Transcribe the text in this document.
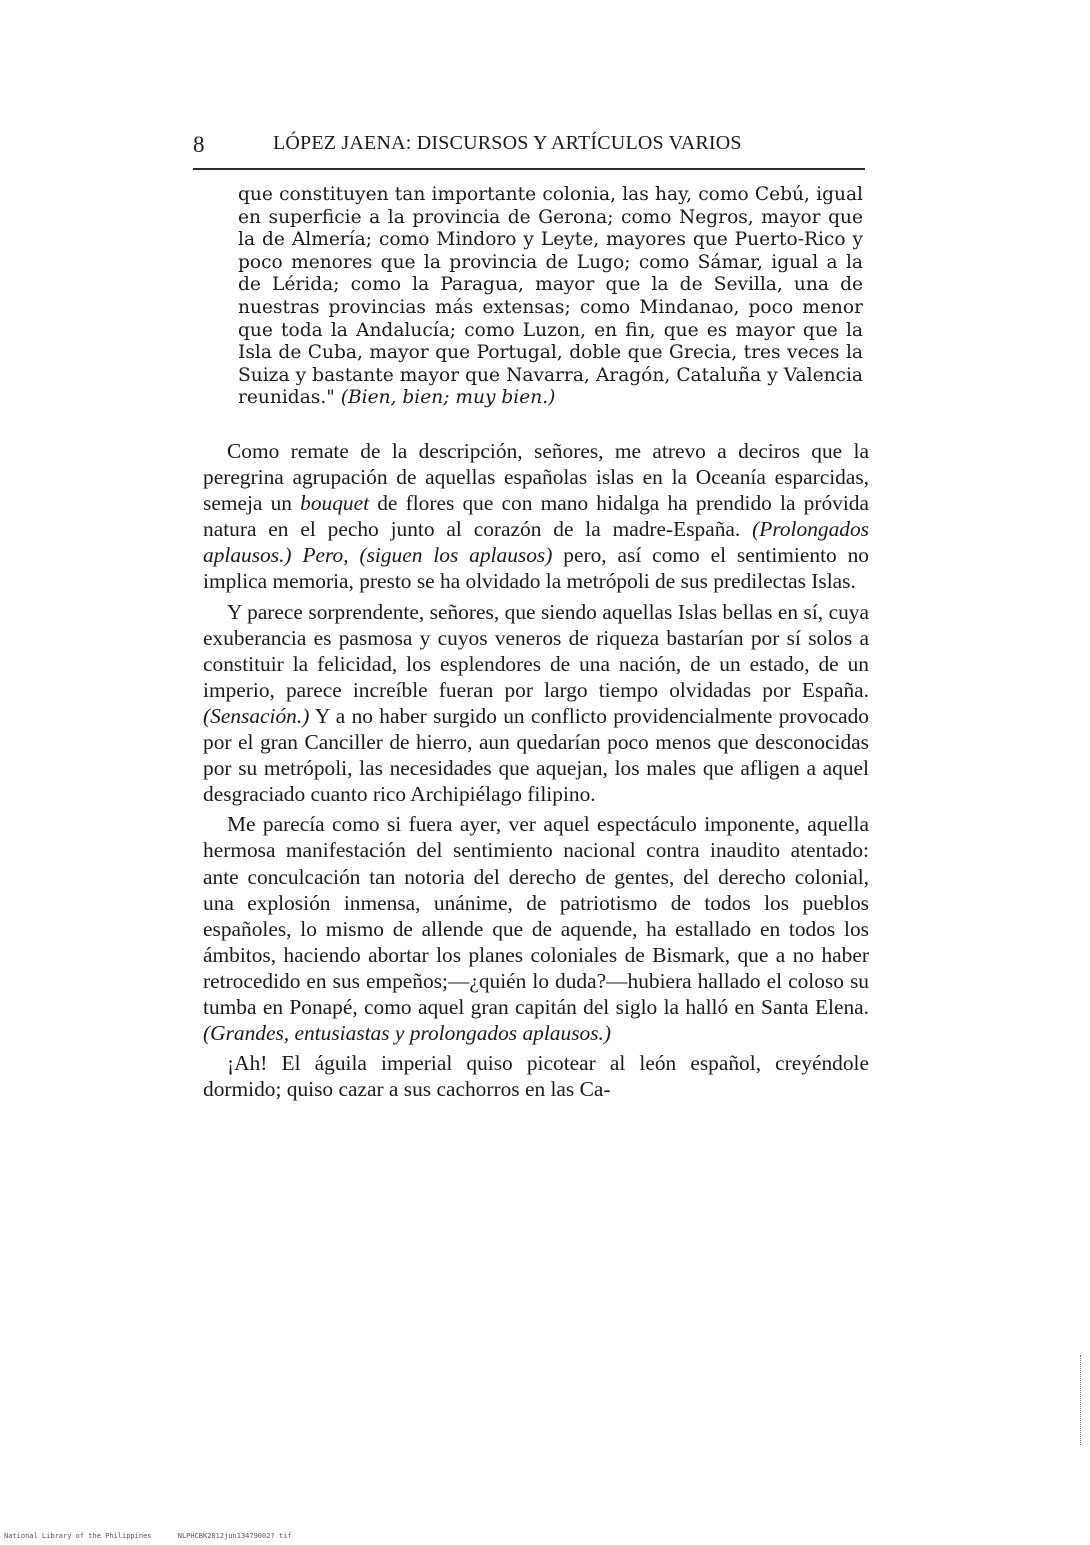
8	LÓPEZ JAENA: DISCURSOS Y ARTÍCULOS VARIOS

que constituyen tan importante colonia, las hay, como Cebú, igual en superficie a la provincia de Gerona; como Negros, mayor que la de Almería; como Mindoro y Leyte, mayores que Puerto-Rico y poco menores que la provincia de Lugo; como Sámar, igual a la de Lérida; como la Paragua, mayor que la de Sevilla, una de nuestras provincias más extensas; como Mindanao, poco menor que toda la Andalucía; como Luzon, en fin, que es mayor que la Isla de Cuba, mayor que Portugal, doble que Grecia, tres veces la Suiza y bastante mayor que Navarra, Aragón, Cataluña y Valencia reunidas." (Bien, bien; muy bien.)

Como remate de la descripción, señores, me atrevo a deciros que la peregrina agrupación de aquellas españolas islas en la Oceanía esparcidas, semeja un bouquet de flores que con mano hidalga ha prendido la próvida natura en el pecho junto al corazón de la madre-España. (Prolongados aplausos.) Pero, (siguen los aplausos) pero, así como el sentimiento no implica memoria, presto se ha olvidado la metrópoli de sus predilectas Islas.

Y parece sorprendente, señores, que siendo aquellas Islas bellas en sí, cuya exuberancia es pasmosa y cuyos veneros de riqueza bastarían por sí solos a constituir la felicidad, los esplendores de una nación, de un estado, de un imperio, parece increíble fueran por largo tiempo olvidadas por España. (Sensación.) Y a no haber surgido un conflicto providencialmente provocado por el gran Canciller de hierro, aun quedarían poco menos que desconocidas por su metrópoli, las necesidades que aquejan, los males que afligen a aquel desgraciado cuanto rico Archipiélago filipino.

Me parecía como si fuera ayer, ver aquel espectáculo imponente, aquella hermosa manifestación del sentimiento nacional contra inaudito atentado: ante conculcación tan notoria del derecho de gentes, del derecho colonial, una explosión inmensa, unánime, de patriotismo de todos los pueblos españoles, lo mismo de allende que de aquende, ha estallado en todos los ámbitos, haciendo abortar los planes coloniales de Bismark, que a no haber retrocedido en sus empeños;—¿quién lo duda?—hubiera hallado el coloso su tumba en Ponapé, como aquel gran capitán del siglo la halló en Santa Elena. (Grandes, entusiastas y prolongados aplausos.)

¡Ah! El águila imperial quiso picotear al león español, creyéndole dormido; quiso cazar a sus cachorros en las Ca-

National Library of the Philippines	NLPHCBK2012jun13479002? tif
